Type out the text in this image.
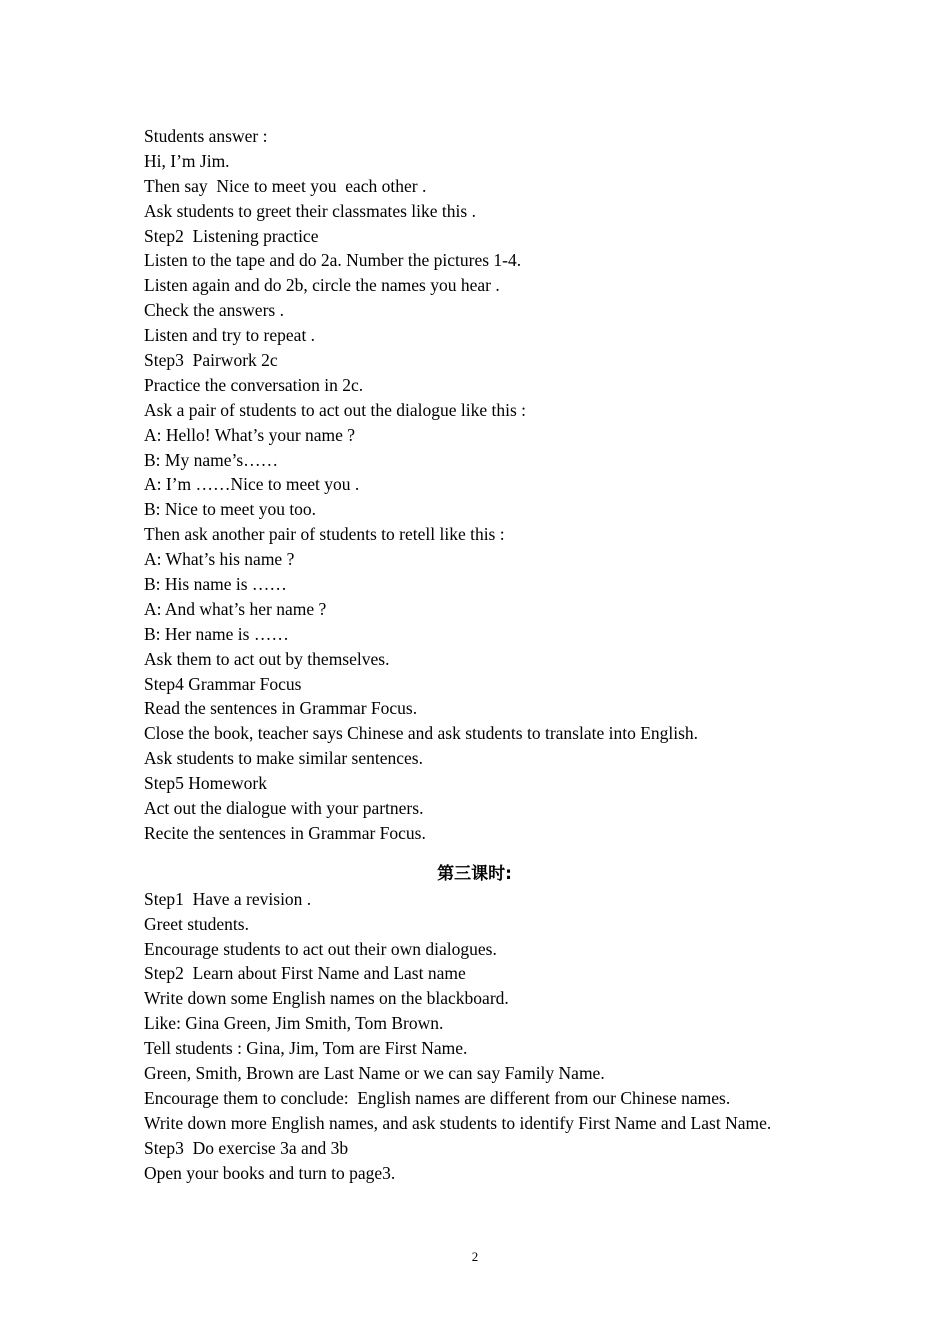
Students answer :
Hi, I’m Jim.
Then say  Nice to meet you  each other .
Ask students to greet their classmates like this .
Step2  Listening practice
Listen to the tape and do 2a. Number the pictures 1-4.
Listen again and do 2b, circle the names you hear .
Check the answers .
Listen and try to repeat .
Step3  Pairwork 2c
Practice the conversation in 2c.
Ask a pair of students to act out the dialogue like this :
A: Hello! What’s your name ?
B: My name’s……
A: I’m ……Nice to meet you .
B: Nice to meet you too.
Then ask another pair of students to retell like this :
A: What’s his name ?
B: His name is ……
A: And what’s her name ?
B: Her name is ……
Ask them to act out by themselves.
Step4 Grammar Focus
Read the sentences in Grammar Focus.
Close the book, teacher says Chinese and ask students to translate into English.
Ask students to make similar sentences.
Step5 Homework
Act out the dialogue with your partners.
Recite the sentences in Grammar Focus.
第三课时:
Step1  Have a revision .
Greet students.
Encourage students to act out their own dialogues.
Step2  Learn about First Name and Last name
Write down some English names on the blackboard.
Like: Gina Green, Jim Smith, Tom Brown.
Tell students : Gina, Jim, Tom are First Name.
Green, Smith, Brown are Last Name or we can say Family Name.
Encourage them to conclude:  English names are different from our Chinese names.
Write down more English names, and ask students to identify First Name and Last Name.
Step3  Do exercise 3a and 3b
Open your books and turn to page3.
2
